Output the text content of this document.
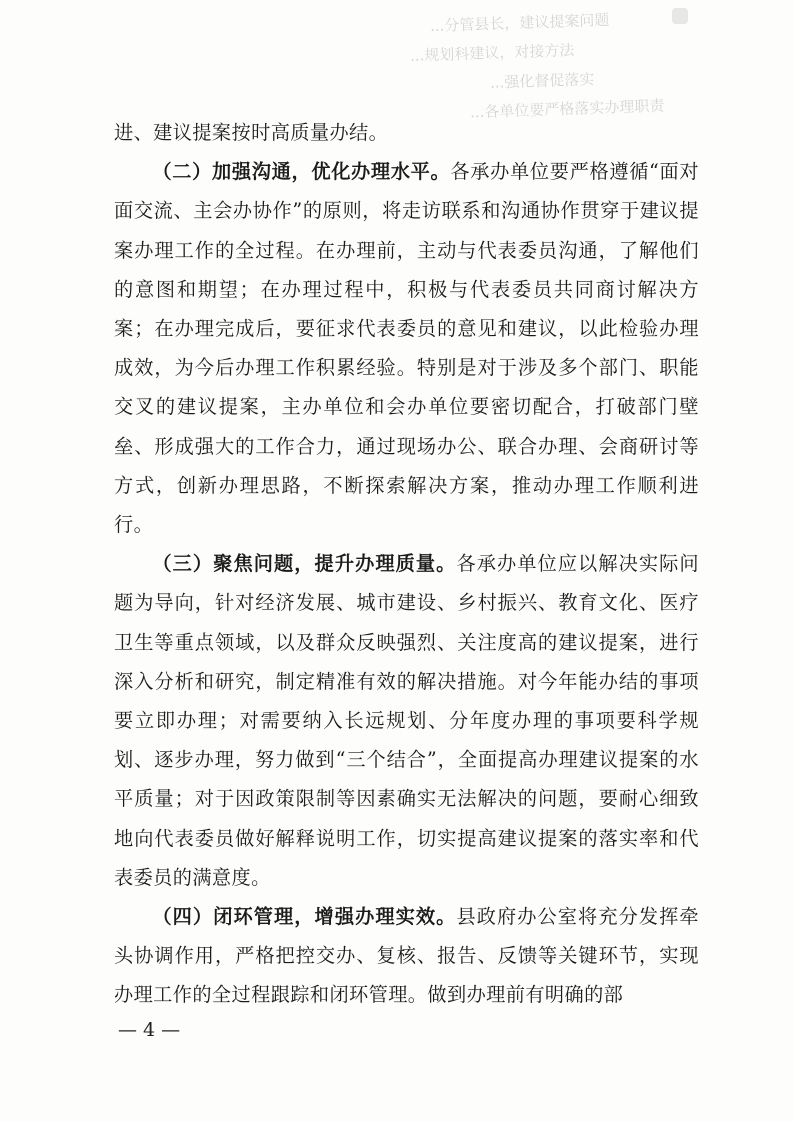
...分管县长，建议提案问题
...规划科建议，对接方法
...强化督促落实
...各单位要严格落实办理职责

进、建议提案按时高质量办结。

（二）加强沟通，优化办理水平。各承办单位要严格遵循“面对面交流、主会办协作”的原则，将走访联系和沟通协作贯穿于建议提案办理工作的全过程。在办理前，主动与代表委员沟通，了解他们的意图和期望；在办理过程中，积极与代表委员共同商讨解决方案；在办理完成后，要征求代表委员的意见和建议，以此检验办理成效，为今后办理工作积累经验。特别是对于涉及多个部门、职能交叉的建议提案，主办单位和会办单位要密切配合，打破部门壁垒、形成强大的工作合力，通过现场办公、联合办理、会商研讨等方式，创新办理思路，不断探索解决方案，推动办理工作顺利进行。

（三）聚焦问题，提升办理质量。各承办单位应以解决实际问题为导向，针对经济发展、城市建设、乡村振兴、教育文化、医疗卫生等重点领域，以及群众反映强烈、关注度高的建议提案，进行深入分析和研究，制定精准有效的解决措施。对今年能办结的事项要立即办理；对需要纳入长远规划、分年度办理的事项要科学规划、逐步办理，努力做到“三个结合”，全面提高办理建议提案的水平质量；对于因政策限制等因素确实无法解决的问题，要耐心细致地向代表委员做好解释说明工作，切实提高建议提案的落实率和代表委员的满意度。

（四）闭环管理，增强办理实效。县政府办公室将充分发挥牵头协调作用，严格把控交办、复核、报告、反馈等关键环节，实现办理工作的全过程跟踪和闭环管理。做到办理前有明确的部

— 4 —
